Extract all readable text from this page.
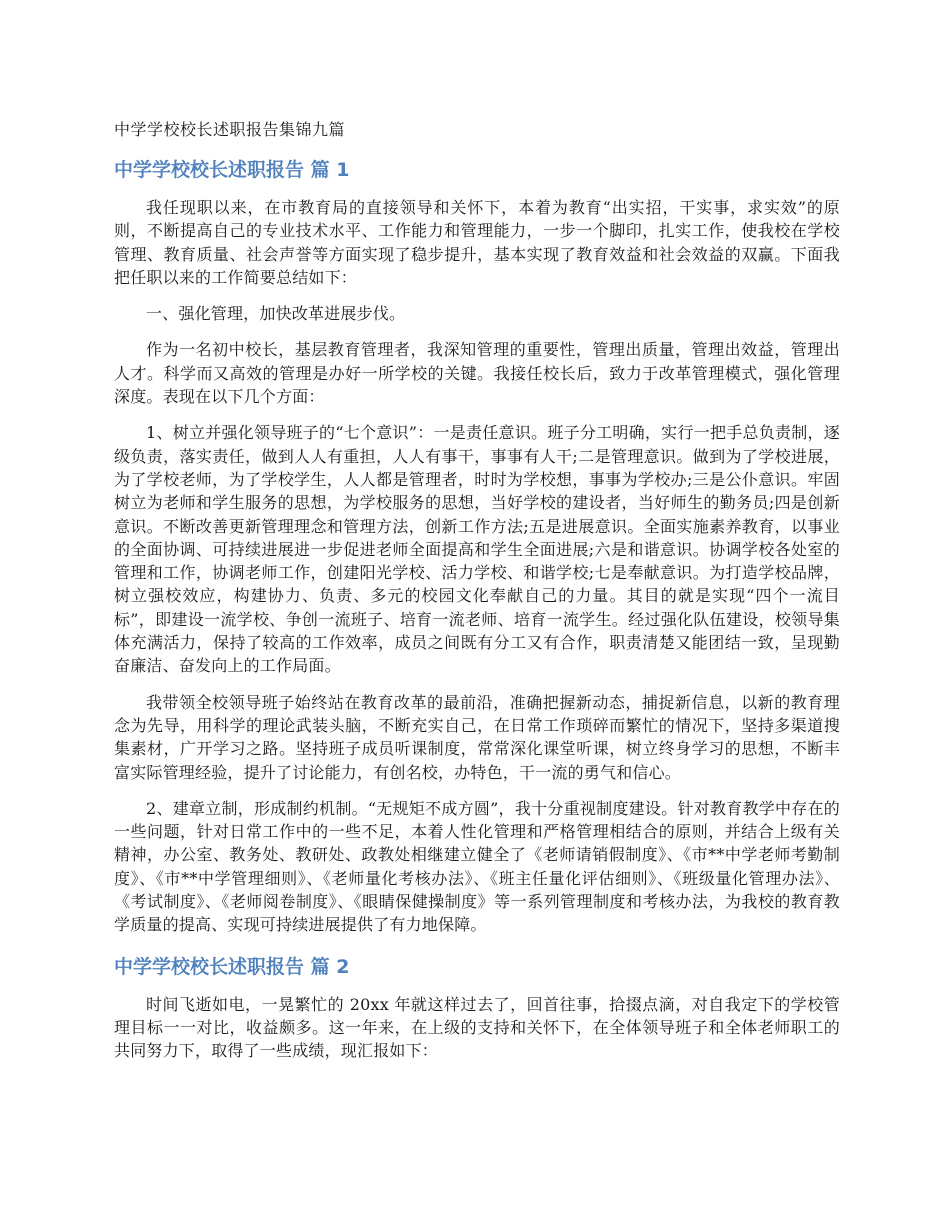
中学学校校长述职报告集锦九篇
中学学校校长述职报告 篇 1

我任现职以来，在市教育局的直接领导和关怀下，本着为教育“出实招，干实事，求实效”的原则，不断提高自己的专业技术水平、工作能力和管理能力，一步一个脚印，扎实工作，使我校在学校管理、教育质量、社会声誉等方面实现了稳步提升，基本实现了教育效益和社会效益的双赢。下面我把任职以来的工作简要总结如下：

一、强化管理，加快改革进展步伐。

作为一名初中校长，基层教育管理者，我深知管理的重要性，管理出质量，管理出效益，管理出人才。科学而又高效的管理是办好一所学校的关键。我接任校长后，致力于改革管理模式，强化管理深度。表现在以下几个方面：

1、树立并强化领导班子的“七个意识”：一是责任意识。班子分工明确，实行一把手总负责制，逐级负责，落实责任，做到人人有重担，人人有事干，事事有人干;二是管理意识。做到为了学校进展，为了学校老师，为了学校学生，人人都是管理者，时时为学校想，事事为学校办;三是公仆意识。牢固树立为老师和学生服务的思想，为学校服务的思想，当好学校的建设者，当好师生的勤务员;四是创新意识。不断改善更新管理理念和管理方法，创新工作方法;五是进展意识。全面实施素养教育，以事业的全面协调、可持续进展进一步促进老师全面提高和学生全面进展;六是和谐意识。协调学校各处室的管理和工作，协调老师工作，创建阳光学校、活力学校、和谐学校;七是奉献意识。为打造学校品牌，树立强校效应，构建协力、负责、多元的校园文化奉献自己的力量。其目的就是实现“四个一流目标”，即建设一流学校、争创一流班子、培育一流老师、培育一流学生。经过强化队伍建设，校领导集体充满活力，保持了较高的工作效率，成员之间既有分工又有合作，职责清楚又能团结一致，呈现勤奋廉洁、奋发向上的工作局面。

我带领全校领导班子始终站在教育改革的最前沿，准确把握新动态，捕捉新信息，以新的教育理念为先导，用科学的理论武装头脑，不断充实自己，在日常工作琐碎而繁忙的情况下，坚持多渠道搜集素材，广开学习之路。坚持班子成员听课制度，常常深化课堂听课，树立终身学习的思想，不断丰富实际管理经验，提升了讨论能力，有创名校，办特色，干一流的勇气和信心。

2、建章立制，形成制约机制。“无规矩不成方圆”，我十分重视制度建设。针对教育教学中存在的一些问题，针对日常工作中的一些不足，本着人性化管理和严格管理相结合的原则，并结合上级有关精神，办公室、教务处、教研处、政教处相继建立健全了《老师请销假制度》、《市**中学老师考勤制度》、《市**中学管理细则》、《老师量化考核办法》、《班主任量化评估细则》、《班级量化管理办法》、《考试制度》、《老师阅卷制度》、《眼睛保健操制度》等一系列管理制度和考核办法，为我校的教育教学质量的提高、实现可持续进展提供了有力地保障。

中学学校校长述职报告 篇 2

时间飞逝如电，一晃繁忙的 20xx 年就这样过去了，回首往事，拾掇点滴，对自我定下的学校管理目标一一对比，收益颇多。这一年来，在上级的支持和关怀下，在全体领导班子和全体老师职工的共同努力下，取得了一些成绩，现汇报如下：
